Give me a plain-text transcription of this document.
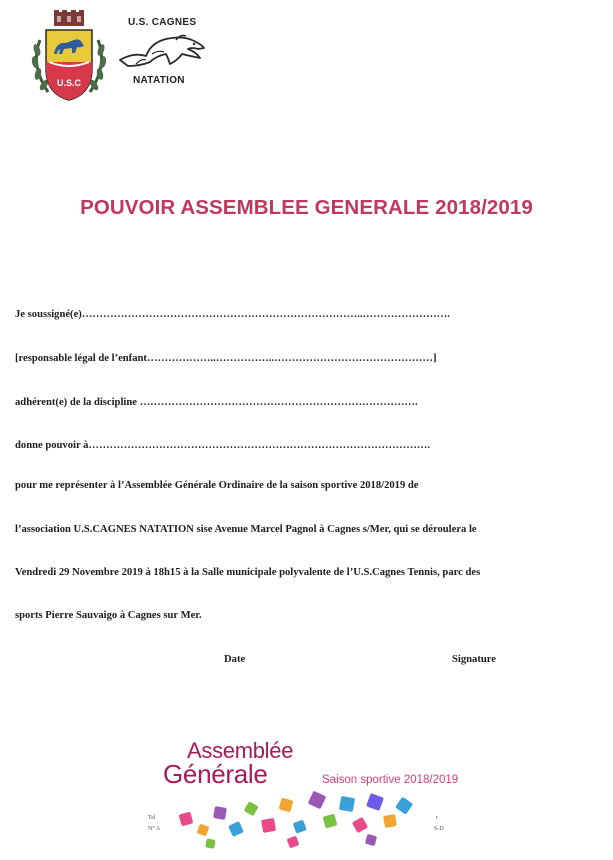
U.S.C
U.S. CAGNES
NATATION
POUVOIR ASSEMBLEE GENERALE 2018/2019
Je soussigné(e)……………………………………………………………………..…………………….
[responsable légal de l’enfant………………..……………..………………………………………]
adhérent(e) de la discipline …………………………………………………………………….
donne pouvoir à…………………………………………………………………………………….
pour me représenter à l’Assemblée Générale Ordinaire de la saison sportive 2018/2019 de
l’association U.S.CAGNES NATATION sise Avenue Marcel Pagnol à Cagnes s/Mer, qui se déroulera le
Vendredi 29 Novembre 2019 à 18h15 à la Salle municipale polyvalente de l’U.S.Cagnes Tennis, parc des
sports Pierre Sauvaigo à Cagnes sur Mer.
Date	Signature
Assemblée
Générale	Saison sportive 2018/2019
Tel
N° A
r
S-D
